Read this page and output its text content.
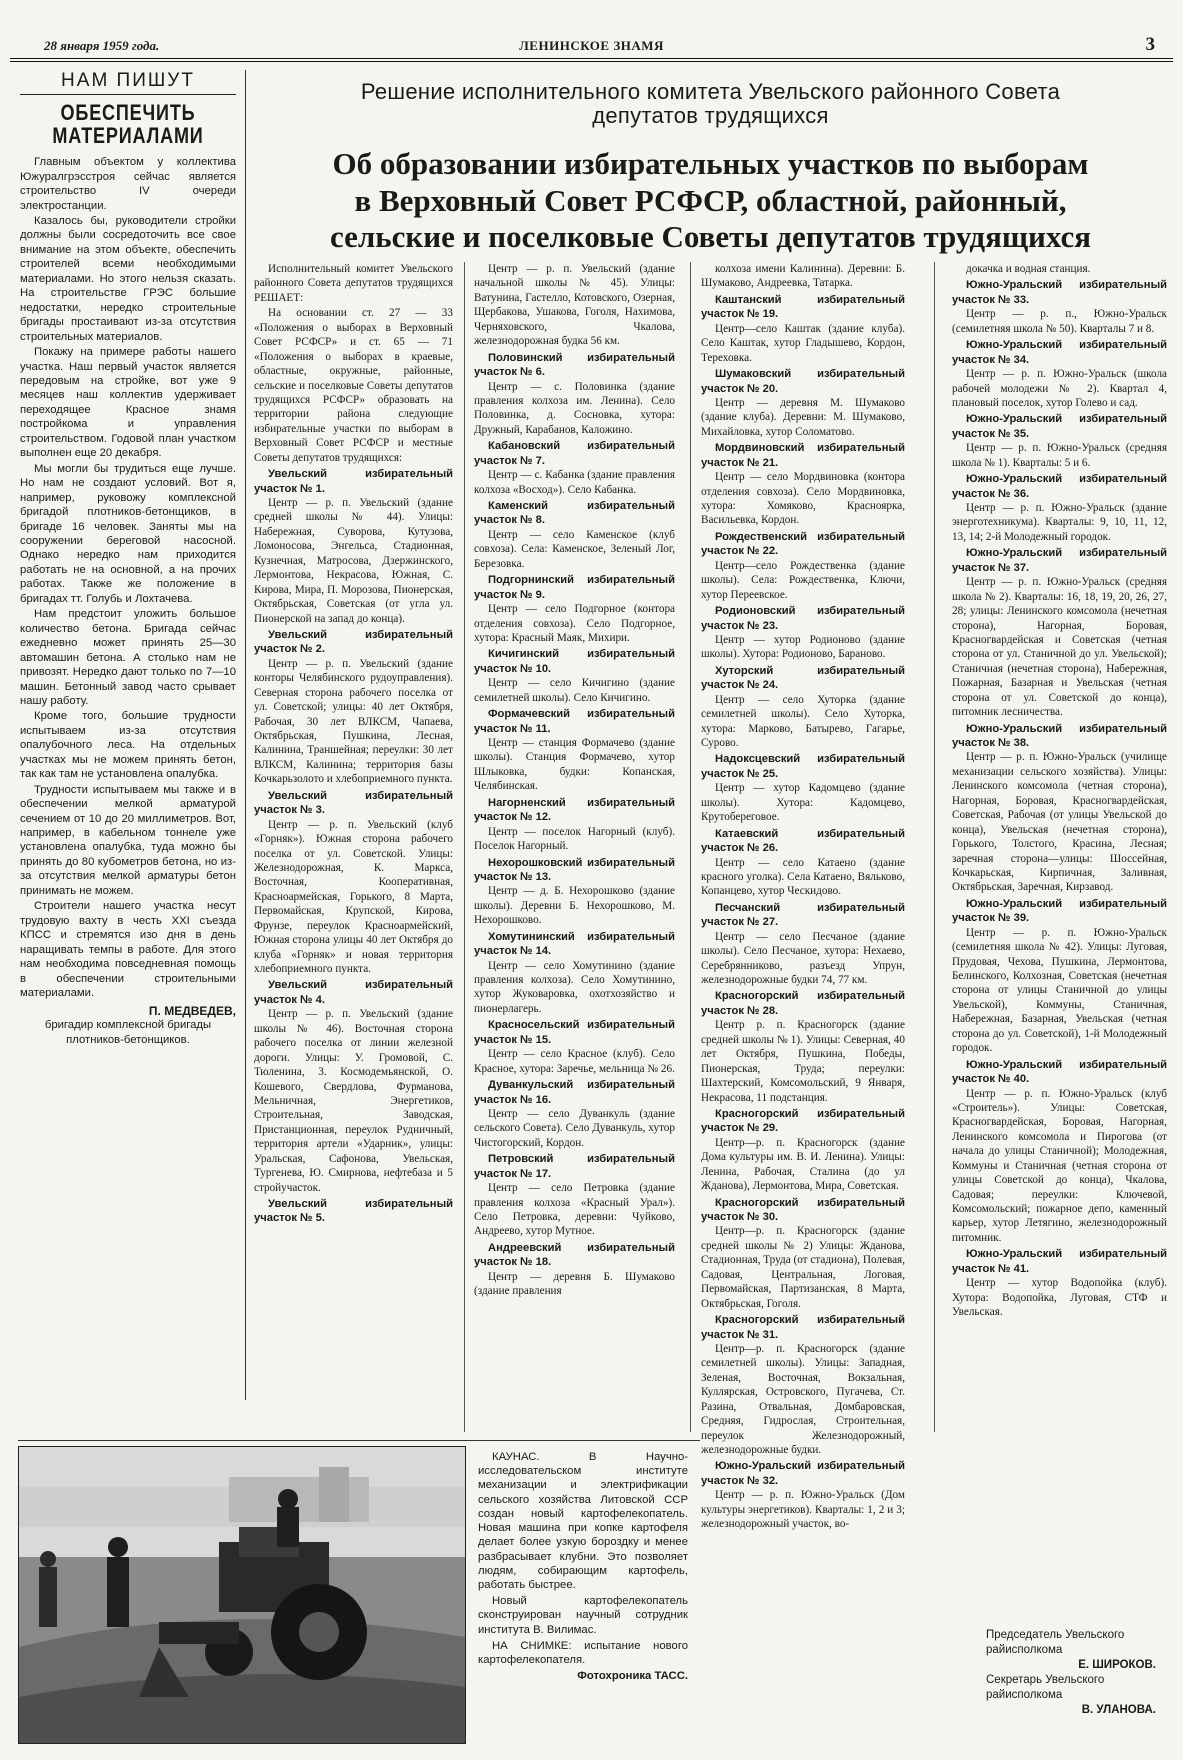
28 января 1959 года.	ЛЕНИНСКОЕ ЗНАМЯ	3
НАМ ПИШУТ
ОБЕСПЕЧИТЬ
МАТЕРИАЛАМИ

Главным объектом у коллектива Южуралгрэсстроя сейчас является строительство IV очереди электростанции.

Казалось бы, руководители стройки должны были сосредоточить все свое внимание на этом объекте, обеспечить строителей всеми необходимыми материалами. Но этого нельзя сказать. На строительстве ГРЭС большие недостатки, нередко строительные бригады простаивают из-за отсутствия строительных материалов.

Покажу на примере работы нашего участка. Наш первый участок является передовым на стройке, вот уже 9 месяцев наш коллектив удерживает переходящее Красное знамя постройкома и управления строительством. Годовой план участком выполнен еще 20 декабря.

Мы могли бы трудиться еще лучше. Но нам не создают условий. Вот я, например, руковожу комплексной бригадой плотников-бетонщиков, в бригаде 16 человек. Заняты мы на сооружении береговой насосной. Однако нередко нам приходится работать не на основной, а на прочих работах. Также же положение в бригадах тт. Голубь и Лохтачева.

Нам предстоит уложить большое количество бетона. Бригада сейчас ежедневно может принять 25—30 автомашин бетона. А столько нам не привозят. Нередко дают только по 7—10 машин. Бетонный завод часто срывает нашу работу.

Кроме того, большие трудности испытываем из-за отсутствия опалубочного леса. На отдельных участках мы не можем принять бетон, так как там не установлена опалубка.

Трудности испытываем мы также и в обеспечении мелкой арматурой сечением от 10 до 20 миллиметров. Вот, например, в кабельном тоннеле уже установлена опалубка, туда можно бы принять до 80 кубометров бетона, но из-за отсутствия мелкой арматуры бетон принимать не можем.

Строители нашего участка несут трудовую вахту в честь XXI съезда КПСС и стремятся изо дня в день наращивать темпы в работе. Для этого нам необходима повседневная помощь в обеспечении строительными материалами.

П. МЕДВЕДЕВ,
бригадир комплексной бригады плотников-бетонщиков.
Решение исполнительного комитета Увельского районного Совета
депутатов трудящихся
Об образовании избирательных участков по выборам
в Верховный Совет РСФСР, областной, районный,
сельские и поселковые Советы депутатов трудящихся

Исполнительный комитет Увельского районного Совета депутатов трудящихся РЕШАЕТ:

На основании ст. 27 — 33 «Положения о выборах в Верховный Совет РСФСР» и ст. 65 — 71 «Положения о выборах в краевые, областные, окружные, районные, сельские и поселковые Советы депутатов трудящихся РСФСР» образовать на территории района следующие избирательные участки по выборам в Верховный Совет РСФСР и местные Советы депутатов трудящихся:

Увельский избирательный участок № 1.

Центр — р. п. Увельский (здание средней школы № 44). Улицы: Набережная, Суворова, Кутузова, Ломоносова, Энгельса, Стадионная, Кузнечная, Матросова, Дзержинского, Лермонтова, Некрасова, Южная, С. Кирова, Мира, П. Морозова, Пионерская, Октябрьская, Советская (от угла ул. Пионерской на запад до конца).

Увельский избирательный участок № 2.

Центр — р. п. Увельский (здание конторы Челябинского рудоуправления). Северная сторона рабочего поселка от ул. Советской; улицы: 40 лет Октября, Рабочая, 30 лет ВЛКСМ, Чапаева, Октябрьская, Пушкина, Лесная, Калинина, Траншейная; переулки: 30 лет ВЛКСМ, Калинина; территория базы Кочкарьзолото и хлебоприемного пункта.

Увельский избирательный участок № 3.

Центр — р. п. Увельский (клуб «Горняк»). Южная сторона рабочего поселка от ул. Советской. Улицы: Железнодорожная, К. Маркса, Восточная, Кооперативная, Красноармейская, Горького, 8 Марта, Первомайская, Крупской, Кирова, Фрунзе, переулок Красноармейский, Южная сторона улицы 40 лет Октября до клуба «Горняк» и новая территория хлебоприемного пункта.

Увельский избирательный участок № 4.

Центр — р. п. Увельский (здание школы № 46). Восточная сторона рабочего поселка от линии железной дороги. Улицы: У. Громовой, С. Тюленина, 3. Космодемьянской, О. Кошевого, Свердлова, Фурманова, Мельничная, Энергетиков, Строительная, Заводская, Пристанционная, переулок Рудничный, территория артели «Ударник», улицы: Уральская, Сафонова, Увельская, Тургенева, Ю. Смирнова, нефтебаза и 5 стройучасток.

Увельский избирательный участок № 5.

Центр — р. п. Увельский (здание начальной школы № 45). Улицы: Ватунина, Гастелло, Котовского, Озерная, Щербакова, Ушакова, Гоголя, Нахимова, Черняховского, Чкалова, железнодорожная будка 56 км.

Половинский избирательный участок № 6.

Центр — с. Половинка (здание правления колхоза им. Ленина). Село Половинка, д. Сосновка, хутора: Дружный, Карабанов, Каложино.

Кабановский избирательный участок № 7.

Центр — с. Кабанка (здание правления колхоза «Восход»). Село Кабанка.

Каменский избирательный участок № 8.

Центр — село Каменское (клуб совхоза). Села: Каменское, Зеленый Лог, Березовка.

Подгорнинский избирательный участок № 9.

Центр — село Подгорное (контора отделения совхоза). Село Подгорное, хутора: Красный Маяк, Михири.

Кичигинский избирательный участок № 10.

Центр — село Кичигино (здание семилетней школы). Село Кичигино.

Формачевский избирательный участок № 11.

Центр — станция Формачево (здание школы). Станция Формачево, хутор Шлыковка, будки: Копанская, Челябинская.

Нагорненский избирательный участок № 12.

Центр — поселок Нагорный (клуб). Поселок Нагорный.

Нехорошковский избирательный участок № 13.

Центр — д. Б. Нехорошково (здание школы). Деревни Б. Нехорошково, М. Нехорошково.

Хомутининский избирательный участок № 14.

Центр — село Хомутинино (здание правления колхоза). Село Хомутинино, хутор Жуковаровка, охотхозяйство и пионерлагерь.

Красносельский избирательный участок № 15.

Центр — село Красное (клуб). Село Красное, хутора: Заречье, мельница № 26.

Дуванкульский избирательный участок № 16.

Центр — село Дуванкуль (здание сельского Совета). Село Дуванкуль, хутор Чистогорский, Кордон.

Петровский избирательный участок № 17.

Центр — село Петровка (здание правления колхоза «Красный Урал»). Село Петровка, деревни: Чуйково, Андреево, хутор Мутное.

Андреевский избирательный участок № 18.

Центр — деревня Б. Шумаково (здание правления

колхоза имени Калинина). Деревни: Б. Шумаково, Андреевка, Татарка.

Каштанский избирательный участок № 19.

Центр—село Каштак (здание клуба). Село Каштак, хутор Гладышево, Кордон, Тереховка.

Шумаковский избирательный участок № 20.

Центр — деревня М. Шумаково (здание клуба). Деревни: М. Шумаково, Михайловка, хутор Соломатово.

Мордвиновский избирательный участок № 21.

Центр — село Мордвиновка (контора отделения совхоза). Село Мордвиновка, хутора: Хомяково, Красноярка, Васильевка, Кордон.

Рождественский избирательный участок № 22.

Центр—село Рождественка (здание школы). Села: Рождественка, Ключи, хутор Переевское.

Родионовский избирательный участок № 23.

Центр — хутор Родионово (здание школы). Хутора: Родионово, Бараново.

Хуторский избирательный участок № 24.

Центр — село Хуторка (здание семилетней школы). Село Хуторка, хутора: Марково, Батырево, Гагарье, Сурово.

Надоксцевский избирательный участок № 25.

Центр — хутор Кадомцево (здание школы). Хутора: Кадомцево, Крутобереговое.

Катаевский избирательный участок № 26.

Центр — село Катаено (здание красного уголка). Села Катаено, Вяльково, Копанцево, хутор Ческидово.

Песчанский избирательный участок № 27.

Центр — село Песчаное (здание школы). Село Песчаное, хутора: Нехаево, Серебрянниково, разъезд Упрун, железнодорожные будки 74, 77 км.

Красногорский избирательный участок № 28.

Центр р. п. Красногорск (здание средней школы № 1). Улицы: Северная, 40 лет Октября, Пушкина, Победы, Пионерская, Труда; переулки: Шахтерский, Комсомольский, 9 Января, Некрасова, 11 подстанция.

Красногорский избирательный участок № 29.

Центр—р. п. Красногорск (здание Дома культуры им. В. И. Ленина). Улицы: Ленина, Рабочая, Сталина (до ул Жданова), Лермонтова, Мира, Советская.

Красногорский избирательный участок № 30.

Центр—р. п. Красногорск (здание средней школы № 2) Улицы: Жданова, Стадионная, Труда (от стадиона), Полевая, Садовая, Центральная, Логовая, Первомайская, Партизанская, 8 Марта, Октябрьская, Гоголя.

Красногорский избирательный участок № 31.

Центр—р. п. Красногорск (здание семилетней школы). Улицы: Западная, Зеленая, Восточная, Вокзальная, Куллярская, Островского, Пугачева, Ст. Разина, Отвальная, Домбаровская, Средняя, Гидрослая, Строительная, переулок Железнодорожный, железнодорожные будки.

Южно-Уральский избирательный участок № 32.

Центр — р. п. Южно-Уральск (Дом культуры энергетиков). Кварталы: 1, 2 и 3; железнодорожный участок, во-

докачка и водная станция.

Южно-Уральский избирательный участок № 33.

Центр — р. п., Южно-Уральск (семилетняя школа № 50). Кварталы 7 и 8.

Южно-Уральский избирательный участок № 34.

Центр — р. п. Южно-Уральск (школа рабочей молодежи № 2). Квартал 4, плановый поселок, хутор Голево и сад.

Южно-Уральский избирательный участок № 35.

Центр — р. п. Южно-Уральск (средняя школа № 1). Кварталы: 5 и 6.

Южно-Уральский избирательный участок № 36.

Центр — р. п. Южно-Уральск (здание энерготехникума). Кварталы: 9, 10, 11, 12, 13, 14; 2-й Молодежный городок.

Южно-Уральский избирательный участок № 37.

Центр — р. п. Южно-Уральск (средняя школа № 2). Кварталы: 16, 18, 19, 20, 26, 27, 28; улицы: Ленинского комсомола (нечетная сторона), Нагорная, Боровая, Красногвардейская и Советская (четная сторона от ул. Станичной до ул. Увельской); Станичная (нечетная сторона), Набережная, Пожарная, Базарная и Увельская (четная сторона от ул. Советской до конца), питомник лесничества.

Южно-Уральский избирательный участок № 38.

Центр — р. п. Южно-Уральск (училище механизации сельского хозяйства). Улицы: Ленинского комсомола (четная сторона), Нагорная, Боровая, Красногвардейская, Советская, Рабочая (от улицы Увельской до конца), Увельская (нечетная сторона), Горького, Толстого, Красина, Лесная; заречная сторона—улицы: Шоссейная, Кочкарьская, Кирпичная, Заливная, Октябрьская, Заречная, Кирзавод.

Южно-Уральский избирательный участок № 39.

Центр — р. п. Южно-Уральск (семилетняя школа № 42). Улицы: Луговая, Прудовая, Чехова, Пушкина, Лермонтова, Белинского, Колхозная, Советская (нечетная сторона от улицы Станичной до улицы Увельской), Коммуны, Станичная, Набережная, Базарная, Увельская (четная сторона до ул. Советской), 1-й Молодежный городок.

Южно-Уральский избирательный участок № 40.

Центр — р. п. Южно-Уральск (клуб «Строитель»). Улицы: Советская, Красногвардейская, Боровая, Нагорная, Ленинского комсомола и Пирогова (от начала до улицы Станичной); Молодежная, Коммуны и Станичная (четная сторона от улицы Советской до конца), Чкалова, Садовая; переулки: Ключевой, Комсомольский; пожарное депо, каменный карьер, хутор Летягино, железнодорожный питомник.

Южно-Уральский избирательный участок № 41.

Центр — хутор Водопойка (клуб). Хутора: Водопойка, Луговая, СТФ и Увельская.

КАУНАС. В Научно-исследовательском институте механизации и электрификации сельского хозяйства Литовской ССР создан новый картофелекопатель. Новая машина при копке картофеля делает более узкую бороздку и менее разбрасывает клубни. Это позволяет людям, собирающим картофель, работать быстрее.

Новый картофелекопатель сконструирован научный сотрудник института В. Вилимас.

НА СНИМКЕ: испытание нового картофелекопателя.

Фотохроника ТАСС.

Председатель Увельского райисполкома
Е. ШИРОКОВ.
Секретарь Увельского райисполкома
В. УЛАНОВА.
